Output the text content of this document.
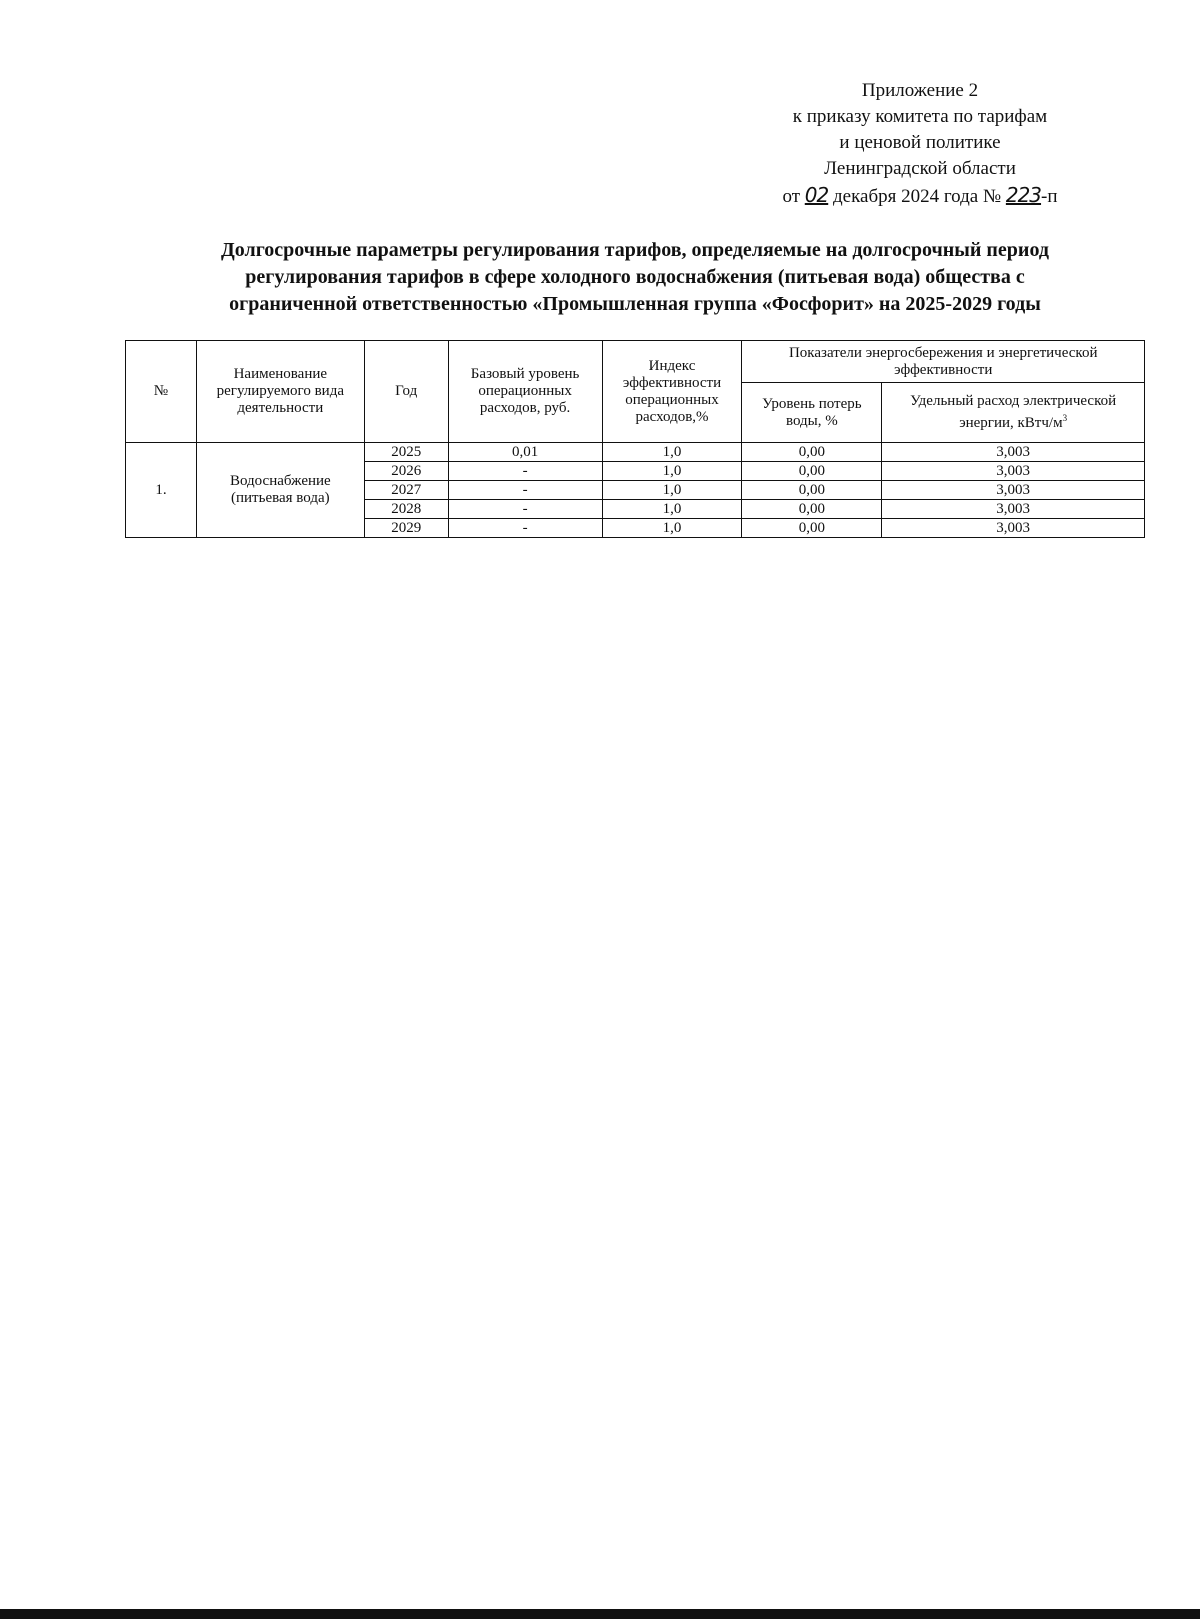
Приложение 2
к приказу комитета по тарифам
и ценовой политике
Ленинградской области
от 02 декабря 2024 года № 223-п
Долгосрочные параметры регулирования тарифов, определяемые на долгосрочный период
регулирования тарифов в сфере холодного водоснабжения (питьевая вода) общества с
ограниченной ответственностью «Промышленная группа «Фосфорит» на 2025-2029 годы
№	Наименование регулируемого вида деятельности	Год	Базовый уровень операционных расходов, руб.	Индекс эффективности операционных расходов,%	Показатели энергосбережения и энергетической эффективности	
					Уровень потерь воды, %	Удельный расход электрической энергии, кВтч/$м^3$
1.	Водоснабжение (питьевая вода)	2025	0,01	1,0	0,00	3,003
		2026	-	1,0	0,00	3,003
		2027	-	1,0	0,00	3,003
		2028	-	1,0	0,00	3,003
		2029	-	1,0	0,00	3,003
